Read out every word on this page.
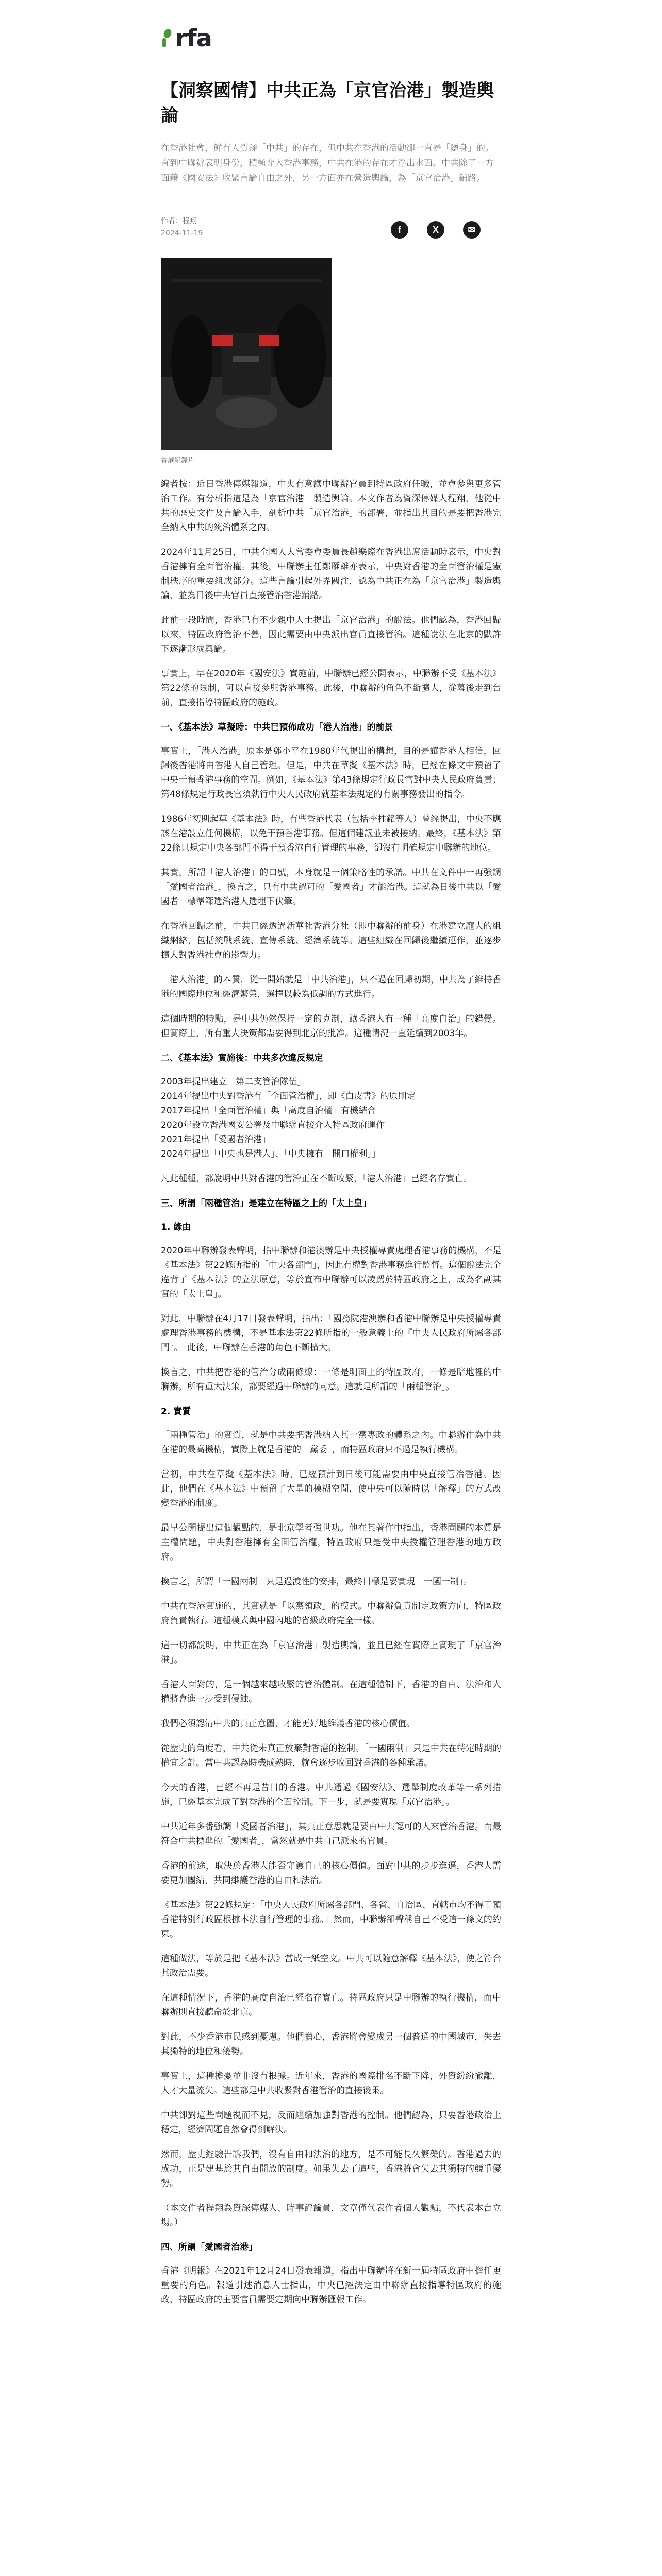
rfa
【洞察國情】中共正為「京官治港」製造輿論

在香港社會，鮮有人質疑「中共」的存在，但中共在香港的活動卻一直是「隱身」的。直到中聯辦表明身份，積極介入香港事務，中共在港的存在才浮出水面。中共除了一方面藉《國安法》收緊言論自由之外，另一方面亦在營造輿論，為「京官治港」鋪路。

作者：程翔
2024-11-19	f	X	✉
香港紀錄片

編者按：近日香港傳媒報道，中央有意讓中聯辦官員到特區政府任職，並會參與更多管治工作。有分析指這是為「京官治港」製造輿論。本文作者為資深傳媒人程翔，他從中共的歷史文件及言論入手，剖析中共「京官治港」的部署，並指出其目的是要把香港完全納入中共的統治體系之內。

2024年11月25日，中共全國人大常委會委員長趙樂際在香港出席活動時表示，中央對香港擁有全面管治權。其後，中聯辦主任鄭雁雄亦表示，中央對香港的全面管治權是憲制秩序的重要組成部分。這些言論引起外界關注，認為中共正在為「京官治港」製造輿論，並為日後中央官員直接管治香港鋪路。

此前一段時間，香港已有不少親中人士提出「京官治港」的說法。他們認為，香港回歸以來，特區政府管治不善，因此需要由中央派出官員直接管治。這種說法在北京的默許下逐漸形成輿論。

事實上，早在2020年《國安法》實施前，中聯辦已經公開表示，中聯辦不受《基本法》第22條的限制，可以直接參與香港事務。此後，中聯辦的角色不斷擴大，從幕後走到台前，直接指導特區政府的施政。

一、《基本法》草擬時：中共已預佈成功「港人治港」的前景

事實上，「港人治港」原本是鄧小平在1980年代提出的構想，目的是讓香港人相信，回歸後香港將由香港人自己管理。但是，中共在草擬《基本法》時，已經在條文中預留了中央干預香港事務的空間。例如，《基本法》第43條規定行政長官對中央人民政府負責；第48條規定行政長官須執行中央人民政府就基本法規定的有關事務發出的指令。

1986年初期起草《基本法》時，有些香港代表（包括李柱銘等人）曾經提出，中央不應該在港設立任何機構，以免干預香港事務。但這個建議並未被接納。最終，《基本法》第22條只規定中央各部門不得干預香港自行管理的事務，卻沒有明確規定中聯辦的地位。

其實，所謂「港人治港」的口號，本身就是一個策略性的承諾。中共在文件中一再強調「愛國者治港」，換言之，只有中共認可的「愛國者」才能治港。這就為日後中共以「愛國者」標準篩選治港人選埋下伏筆。

在香港回歸之前，中共已經透過新華社香港分社（即中聯辦的前身）在港建立龐大的組織網絡，包括統戰系統、宣傳系統、經濟系統等。這些組織在回歸後繼續運作，並逐步擴大對香港社會的影響力。

「港人治港」的本質，從一開始就是「中共治港」，只不過在回歸初期，中共為了維持香港的國際地位和經濟繁榮，選擇以較為低調的方式進行。

這個時期的特點，是中共仍然保持一定的克制，讓香港人有一種「高度自治」的錯覺。但實際上，所有重大決策都需要得到北京的批准。這種情況一直延續到2003年。

二、《基本法》實施後：中共多次違反規定

2003年提出建立「第二支管治隊伍」
2014年提出中央對香港有「全面管治權」，即《白皮書》的原則定
2017年提出「全面管治權」與「高度自治權」有機結合
2020年設立香港國安公署及中聯辦直接介入特區政府運作
2021年提出「愛國者治港」
2024年提出「中央也是港人」、「中央擁有「開口權利」」

凡此種種，都說明中共對香港的管治正在不斷收緊，「港人治港」已經名存實亡。

三、所謂「兩種管治」是建立在特區之上的「太上皇」
1. 緣由

2020年中聯辦發表聲明，指中聯辦和港澳辦是中央授權專責處理香港事務的機構，不是《基本法》第22條所指的「中央各部門」，因此有權對香港事務進行監督。這個說法完全違背了《基本法》的立法原意，等於宣布中聯辦可以凌駕於特區政府之上，成為名副其實的「太上皇」。

對此，中聯辦在4月17日發表聲明，指出：「國務院港澳辦和香港中聯辦是中央授權專責處理香港事務的機構，不是基本法第22條所指的一般意義上的『中央人民政府所屬各部門』。」此後，中聯辦在香港的角色不斷擴大。

換言之，中共把香港的管治分成兩條線：一條是明面上的特區政府，一條是暗地裡的中聯辦。所有重大決策，都要經過中聯辦的同意。這就是所謂的「兩種管治」。

2. 實質

「兩種管治」的實質，就是中共要把香港納入其一黨專政的體系之內。中聯辦作為中共在港的最高機構，實際上就是香港的「黨委」，而特區政府只不過是執行機構。

當初，中共在草擬《基本法》時，已經預計到日後可能需要由中央直接管治香港。因此，他們在《基本法》中預留了大量的模糊空間，使中央可以隨時以「解釋」的方式改變香港的制度。

最早公開提出這個觀點的，是北京學者強世功。他在其著作中指出，香港問題的本質是主權問題，中央對香港擁有全面管治權，特區政府只是受中央授權管理香港的地方政府。

換言之，所謂「一國兩制」只是過渡性的安排，最終目標是要實現「一國一制」。

中共在香港實施的，其實就是「以黨領政」的模式。中聯辦負責制定政策方向，特區政府負責執行。這種模式與中國內地的省級政府完全一樣。

這一切都說明，中共正在為「京官治港」製造輿論，並且已經在實際上實現了「京官治港」。

香港人面對的，是一個越來越收緊的管治體制。在這種體制下，香港的自由、法治和人權將會進一步受到侵蝕。

我們必須認清中共的真正意圖，才能更好地維護香港的核心價值。

從歷史的角度看，中共從未真正放棄對香港的控制。「一國兩制」只是中共在特定時期的權宜之計。當中共認為時機成熟時，就會逐步收回對香港的各種承諾。

今天的香港，已經不再是昔日的香港。中共通過《國安法》、選舉制度改革等一系列措施，已經基本完成了對香港的全面控制。下一步，就是要實現「京官治港」。

中共近年多番強調「愛國者治港」，其真正意思就是要由中共認可的人來管治香港。而最符合中共標準的「愛國者」，當然就是中共自己派來的官員。

香港的前途，取決於香港人能否守護自己的核心價值。面對中共的步步進逼，香港人需要更加團結，共同維護香港的自由和法治。

《基本法》第22條規定：「中央人民政府所屬各部門、各省、自治區、直轄市均不得干預香港特別行政區根據本法自行管理的事務。」然而，中聯辦卻聲稱自己不受這一條文的約束。

這種做法，等於是把《基本法》當成一紙空文。中共可以隨意解釋《基本法》，使之符合其政治需要。

在這種情況下，香港的高度自治已經名存實亡。特區政府只是中聯辦的執行機構，而中聯辦則直接聽命於北京。

對此，不少香港市民感到憂慮。他們擔心，香港將會變成另一個普通的中國城市，失去其獨特的地位和優勢。

事實上，這種擔憂並非沒有根據。近年來，香港的國際排名不斷下降，外資紛紛撤離，人才大量流失。這些都是中共收緊對香港管治的直接後果。

中共卻對這些問題視而不見，反而繼續加強對香港的控制。他們認為，只要香港政治上穩定，經濟問題自然會得到解決。

然而，歷史經驗告訴我們，沒有自由和法治的地方，是不可能長久繁榮的。香港過去的成功，正是建基於其自由開放的制度。如果失去了這些，香港將會失去其獨特的競爭優勢。

（本文作者程翔為資深傳媒人、時事評論員，文章僅代表作者個人觀點，不代表本台立場。）

四、所謂「愛國者治港」

香港《明報》在2021年12月24日發表報道，指出中聯辦將在新一屆特區政府中擔任更重要的角色。報道引述消息人士指出，中央已經決定由中聯辦直接指導特區政府的施政，特區政府的主要官員需要定期向中聯辦匯報工作。
